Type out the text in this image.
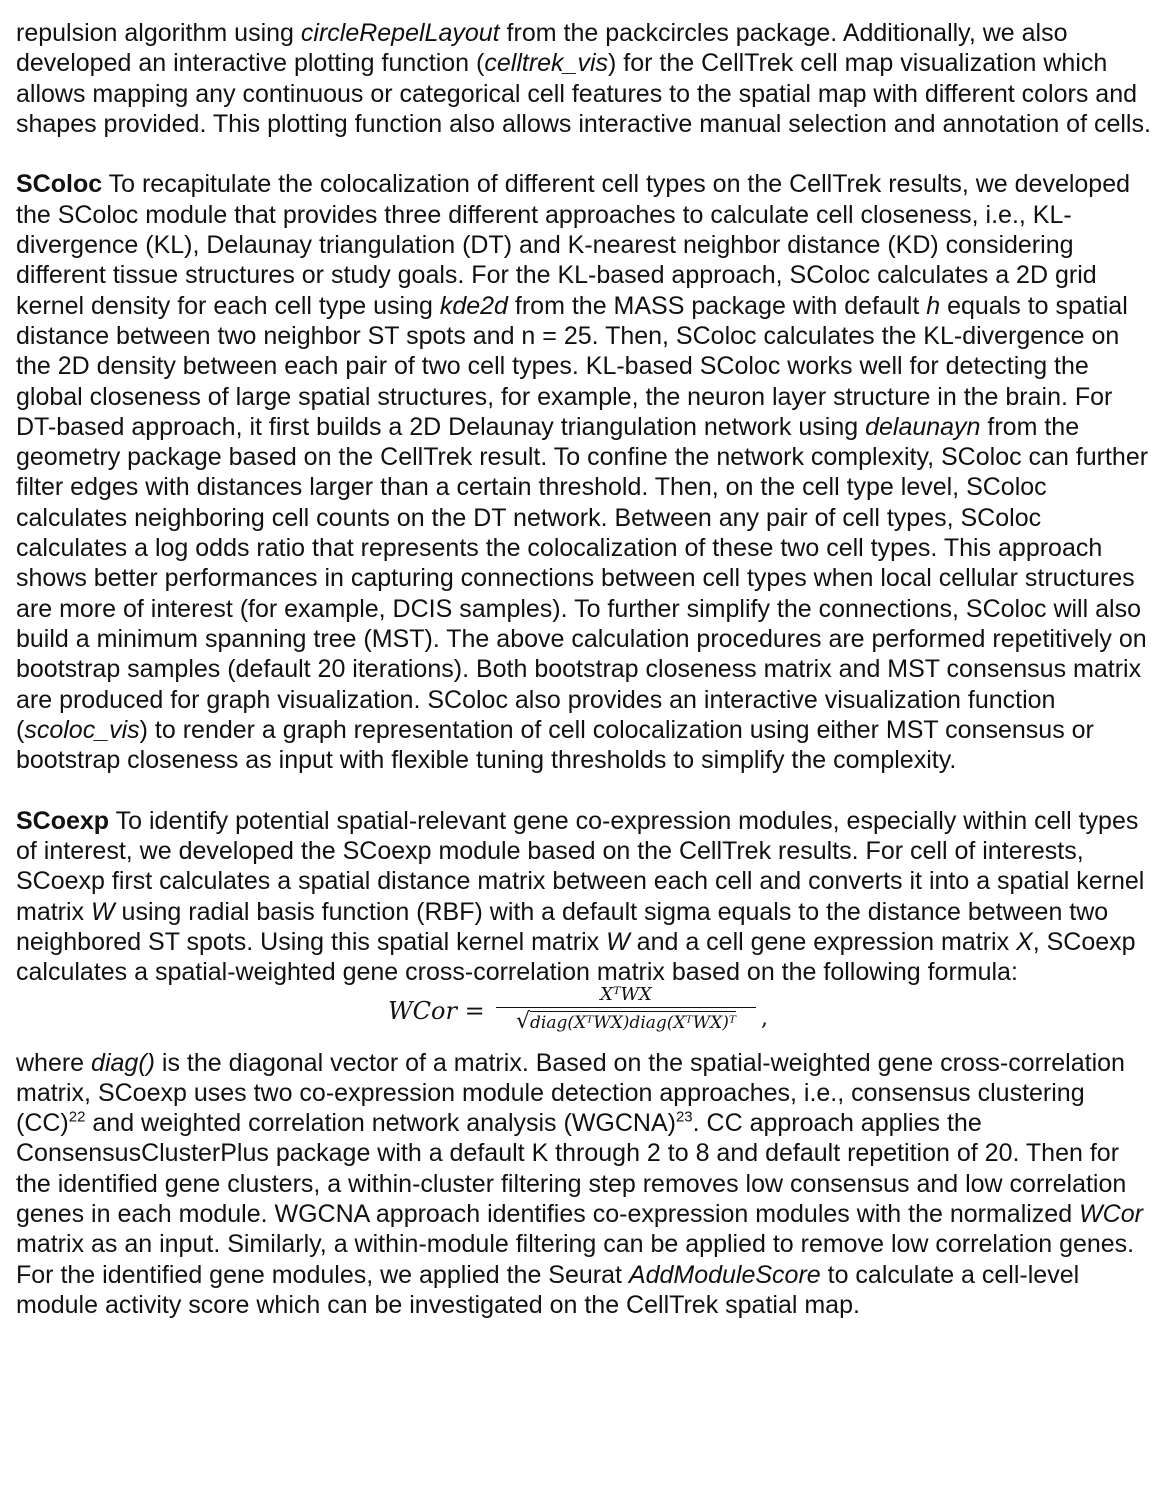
repulsion algorithm using circleRepelLayout from the packcircles package. Additionally, we also developed an interactive plotting function (celltrek_vis) for the CellTrek cell map visualization which allows mapping any continuous or categorical cell features to the spatial map with different colors and shapes provided. This plotting function also allows interactive manual selection and annotation of cells.

SColoc To recapitulate the colocalization of different cell types on the CellTrek results, we developed the SColoc module that provides three different approaches to calculate cell closeness, i.e., KL-divergence (KL), Delaunay triangulation (DT) and K-nearest neighbor distance (KD) considering different tissue structures or study goals. For the KL-based approach, SColoc calculates a 2D grid kernel density for each cell type using kde2d from the MASS package with default h equals to spatial distance between two neighbor ST spots and n = 25. Then, SColoc calculates the KL-divergence on the 2D density between each pair of two cell types. KL-based SColoc works well for detecting the global closeness of large spatial structures, for example, the neuron layer structure in the brain. For DT-based approach, it first builds a 2D Delaunay triangulation network using delaunayn from the geometry package based on the CellTrek result. To confine the network complexity, SColoc can further filter edges with distances larger than a certain threshold. Then, on the cell type level, SColoc calculates neighboring cell counts on the DT network. Between any pair of cell types, SColoc calculates a log odds ratio that represents the colocalization of these two cell types. This approach shows better performances in capturing connections between cell types when local cellular structures are more of interest (for example, DCIS samples). To further simplify the connections, SColoc will also build a minimum spanning tree (MST). The above calculation procedures are performed repetitively on bootstrap samples (default 20 iterations). Both bootstrap closeness matrix and MST consensus matrix are produced for graph visualization. SColoc also provides an interactive visualization function (scoloc_vis) to render a graph representation of cell colocalization using either MST consensus or bootstrap closeness as input with flexible tuning thresholds to simplify the complexity.

SCoexp To identify potential spatial-relevant gene co-expression modules, especially within cell types of interest, we developed the SCoexp module based on the CellTrek results. For cell of interests, SCoexp first calculates a spatial distance matrix between each cell and converts it into a spatial kernel matrix W using radial basis function (RBF) with a default sigma equals to the distance between two neighbored ST spots. Using this spatial kernel matrix W and a cell gene expression matrix X, SCoexp calculates a spatial-weighted gene cross-correlation matrix based on the following formula:

WCor =
XᵀWX
√diag(XᵀWX)diag(XᵀWX)ᵀ	,

where diag() is the diagonal vector of a matrix. Based on the spatial-weighted gene cross-correlation matrix, SCoexp uses two co-expression module detection approaches, i.e., consensus clustering (CC)$^{22}$ and weighted correlation network analysis (WGCNA)$^{23}$. CC approach applies the ConsensusClusterPlus package with a default K through 2 to 8 and default repetition of 20. Then for the identified gene clusters, a within-cluster filtering step removes low consensus and low correlation genes in each module. WGCNA approach identifies co-expression modules with the normalized WCor matrix as an input. Similarly, a within-module filtering can be applied to remove low correlation genes. For the identified gene modules, we applied the Seurat AddModuleScore to calculate a cell-level module activity score which can be investigated on the CellTrek spatial map.
